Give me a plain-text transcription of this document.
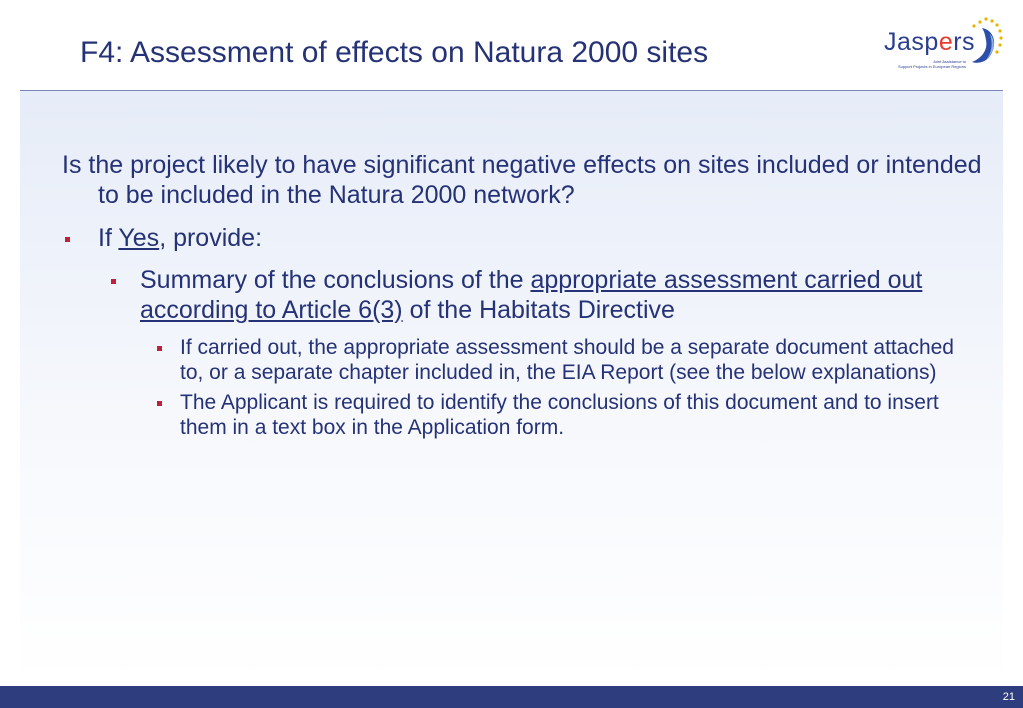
F4: Assessment of effects on Natura 2000 sites	Jaspers
Joint Assistance to
Support Projects in European Regions

Is the project likely to have significant negative effects on sites included or intended to be included in the Natura 2000 network?

If Yes, provide:
Summary of the conclusions of the appropriate assessment carried out according to Article 6(3) of the Habitats Directive
If carried out, the appropriate assessment should be a separate document attached to, or a separate chapter included in, the EIA Report (see the below explanations)
The Applicant is required to identify the conclusions of this document and to insert them in a text box in the Application form.
21
